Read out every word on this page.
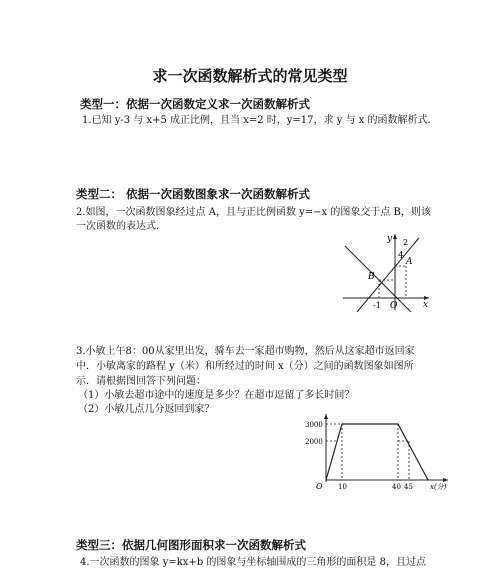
求一次函数解析式的常见类型
类型一：依据一次函数定义求一次函数解析式
1.已知 y-3 与 x+5 成正比例，且当 x=2 时，y=17，求 y 与 x 的函数解析式.
类型二： 依据一次函数图象求一次函数解析式
2.如图，一次函数图象经过点 A，且与正比例函数 y=−x 的图象交于点 B，则该
一次函数的表达式.
y
4
2
A
B
-1 O	x
3.小敏上午8：00从家里出发，骑车去一家超市购物，然后从这家超市返回家
中．小敏离家的路程 y（米）和所经过的时间 x（分）之间的函数图象如图所
示．请根据图回答下列问题：
（1）小敏去超市途中的速度是多少？在超市逗留了多长时间？
（2）小敏几点几分返回到家？
3000
2000
O 10	40 45 x(分)
类型三：依据几何图形面积求一次函数解析式
4.一次函数的图象 y=kx+b 的图象与坐标轴围成的三角形的面积是 8，且过点
